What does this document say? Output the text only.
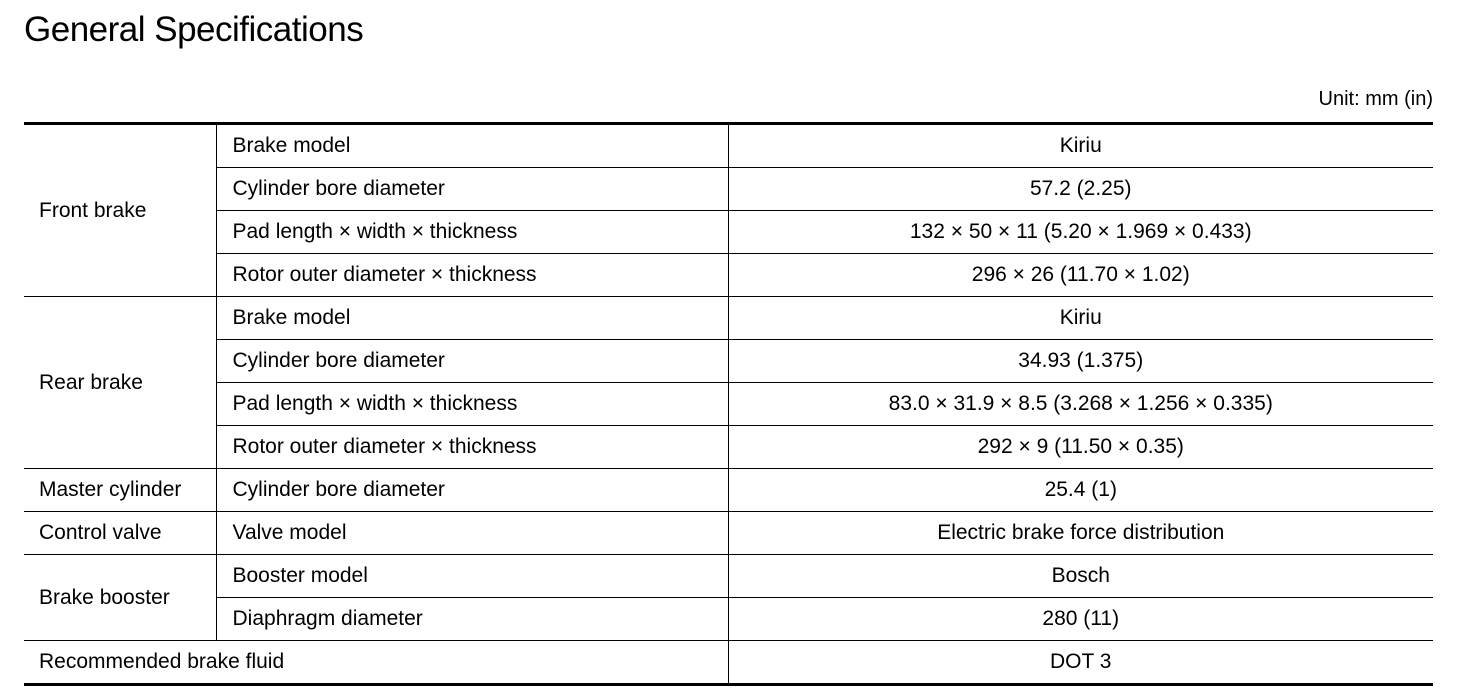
General Specifications
Unit: mm (in)
Front brake	Brake model	Kiriu
	Cylinder bore diameter	57.2 (2.25)
	Pad length × width × thickness	132 × 50 × 11 (5.20 × 1.969 × 0.433)
	Rotor outer diameter × thickness	296 × 26 (11.70 × 1.02)
Rear brake	Brake model	Kiriu
	Cylinder bore diameter	34.93 (1.375)
	Pad length × width × thickness	83.0 × 31.9 × 8.5 (3.268 × 1.256 × 0.335)
	Rotor outer diameter × thickness	292 × 9 (11.50 × 0.35)
Master cylinder	Cylinder bore diameter	25.4 (1)
Control valve	Valve model	Electric brake force distribution
Brake booster	Booster model	Bosch
	Diaphragm diameter	280 (11)
Recommended brake fluid		DOT 3
